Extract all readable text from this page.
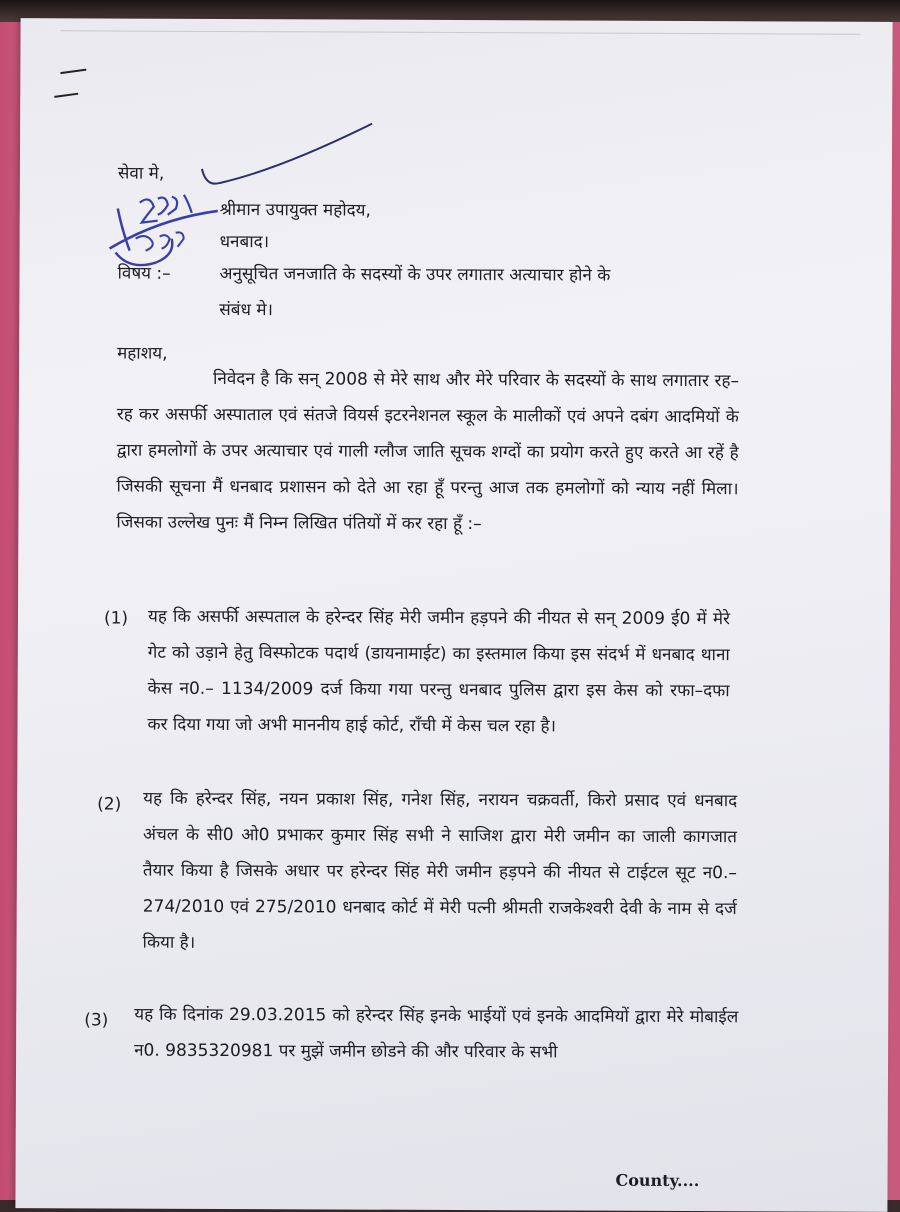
सेवा मे,
श्रीमान उपायुक्त महोदय,
धनबाद।
विषय :–	अनुसूचित जनजाति के सदस्यों के उपर लगातार अत्याचार होने के
संबंध मे।
महाशय,
निवेदन है कि सन् 2008 से मेरे साथ और मेरे परिवार के सदस्यों के साथ लगातार रह–रह कर असर्फी अस्पाताल एवं संतजे वियर्स इटरनेशनल स्कूल के मालीकों एवं अपने दबंग आदमियों के द्वारा हमलोगों के उपर अत्याचार एवं गाली ग्लौज जाति सूचक शग्दों का प्रयोग करते हुए करते आ रहें है जिसकी सूचना मैं धनबाद प्रशासन को देते आ रहा हूँ परन्तु आज तक हमलोगों को न्याय नहीं मिला। जिसका उल्लेख पुनः मैं निम्न लिखित पंतियों में कर रहा हूँ :–
(1) यह कि असर्फी अस्पताल के हरेन्दर सिंह मेरी जमीन हड़पने की नीयत से सन् 2009 ई0 में मेरे गेट को उड़ाने हेतु विस्फोटक पदार्थ (डायनामाईट) का इस्तमाल किया इस संदर्भ में धनबाद थाना केस न0.– 1134/2009 दर्ज किया गया परन्तु धनबाद पुलिस द्वारा इस केस को रफा–दफा कर दिया गया जो अभी माननीय हाई कोर्ट, राँची में केस चल रहा है।
(2) यह कि हरेन्दर सिंह, नयन प्रकाश सिंह, गनेश सिंह, नरायन चक्रवर्ती, किरो प्रसाद एवं धनबाद अंचल के सी0 ओ0 प्रभाकर कुमार सिंह सभी ने साजिश द्वारा मेरी जमीन का जाली कागजात तैयार किया है जिसके अधार पर हरेन्दर सिंह मेरी जमीन हड़पने की नीयत से टाईटल सूट न0.–274/2010 एवं 275/2010 धनबाद कोर्ट में मेरी पत्नी श्रीमती राजकेश्वरी देवी के नाम से दर्ज किया है।
(3) यह कि दिनांक 29.03.2015 को हरेन्दर सिंह इनके भाईयों एवं इनके आदमियों द्वारा मेरे मोबाईल न0. 9835320981 पर मुझें जमीन छोडने की और परिवार के सभी
County....
